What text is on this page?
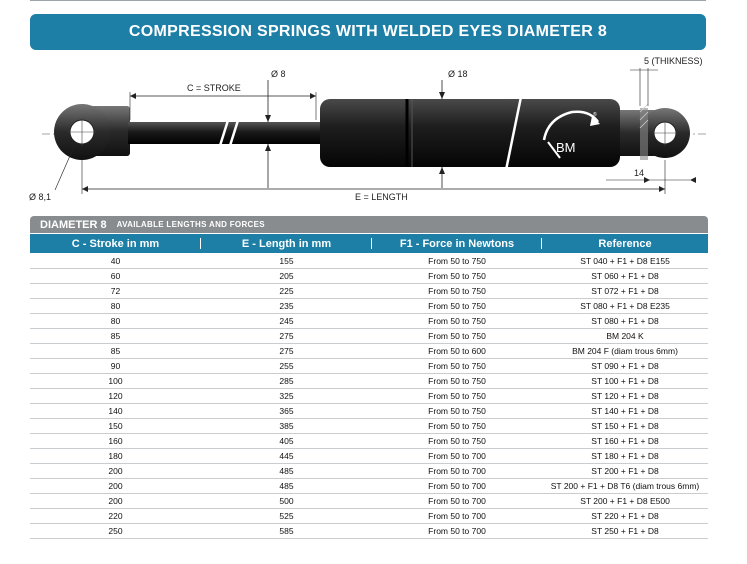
COMPRESSION SPRINGS WITH WELDED EYES DIAMETER 8
BM
®
C = STROKE
Ø 8	Ø 18
5 (THIKNESS)
Ø 8,1	E = LENGTH
14
DIAMETER 8 AVAILABLE LENGTHS AND FORCES
C - Stroke in mm	E - Length in mm	F1 - Force in Newtons	Reference
40	155	From 50 to 750	ST 040 + F1 + D8 E155
60	205	From 50 to 750	ST 060 + F1 + D8
72	225	From 50 to 750	ST 072 + F1 + D8
80	235	From 50 to 750	ST 080 + F1 + D8 E235
80	245	From 50 to 750	ST 080 + F1 + D8
85	275	From 50 to 750	BM 204 K
85	275	From 50 to 600	BM 204 F (diam trous 6mm)
90	255	From 50 to 750	ST 090 + F1 + D8
100	285	From 50 to 750	ST 100 + F1 + D8
120	325	From 50 to 750	ST 120 + F1 + D8
140	365	From 50 to 750	ST 140 + F1 + D8
150	385	From 50 to 750	ST 150 + F1 + D8
160	405	From 50 to 750	ST 160 + F1 + D8
180	445	From 50 to 700	ST 180 + F1 + D8
200	485	From 50 to 700	ST 200 + F1 + D8
200	485	From 50 to 700	ST 200 + F1 + D8 T6 (diam trous 6mm)
200	500	From 50 to 700	ST 200 + F1 + D8 E500
220	525	From 50 to 700	ST 220 + F1 + D8
250	585	From 50 to 700	ST 250 + F1 + D8
